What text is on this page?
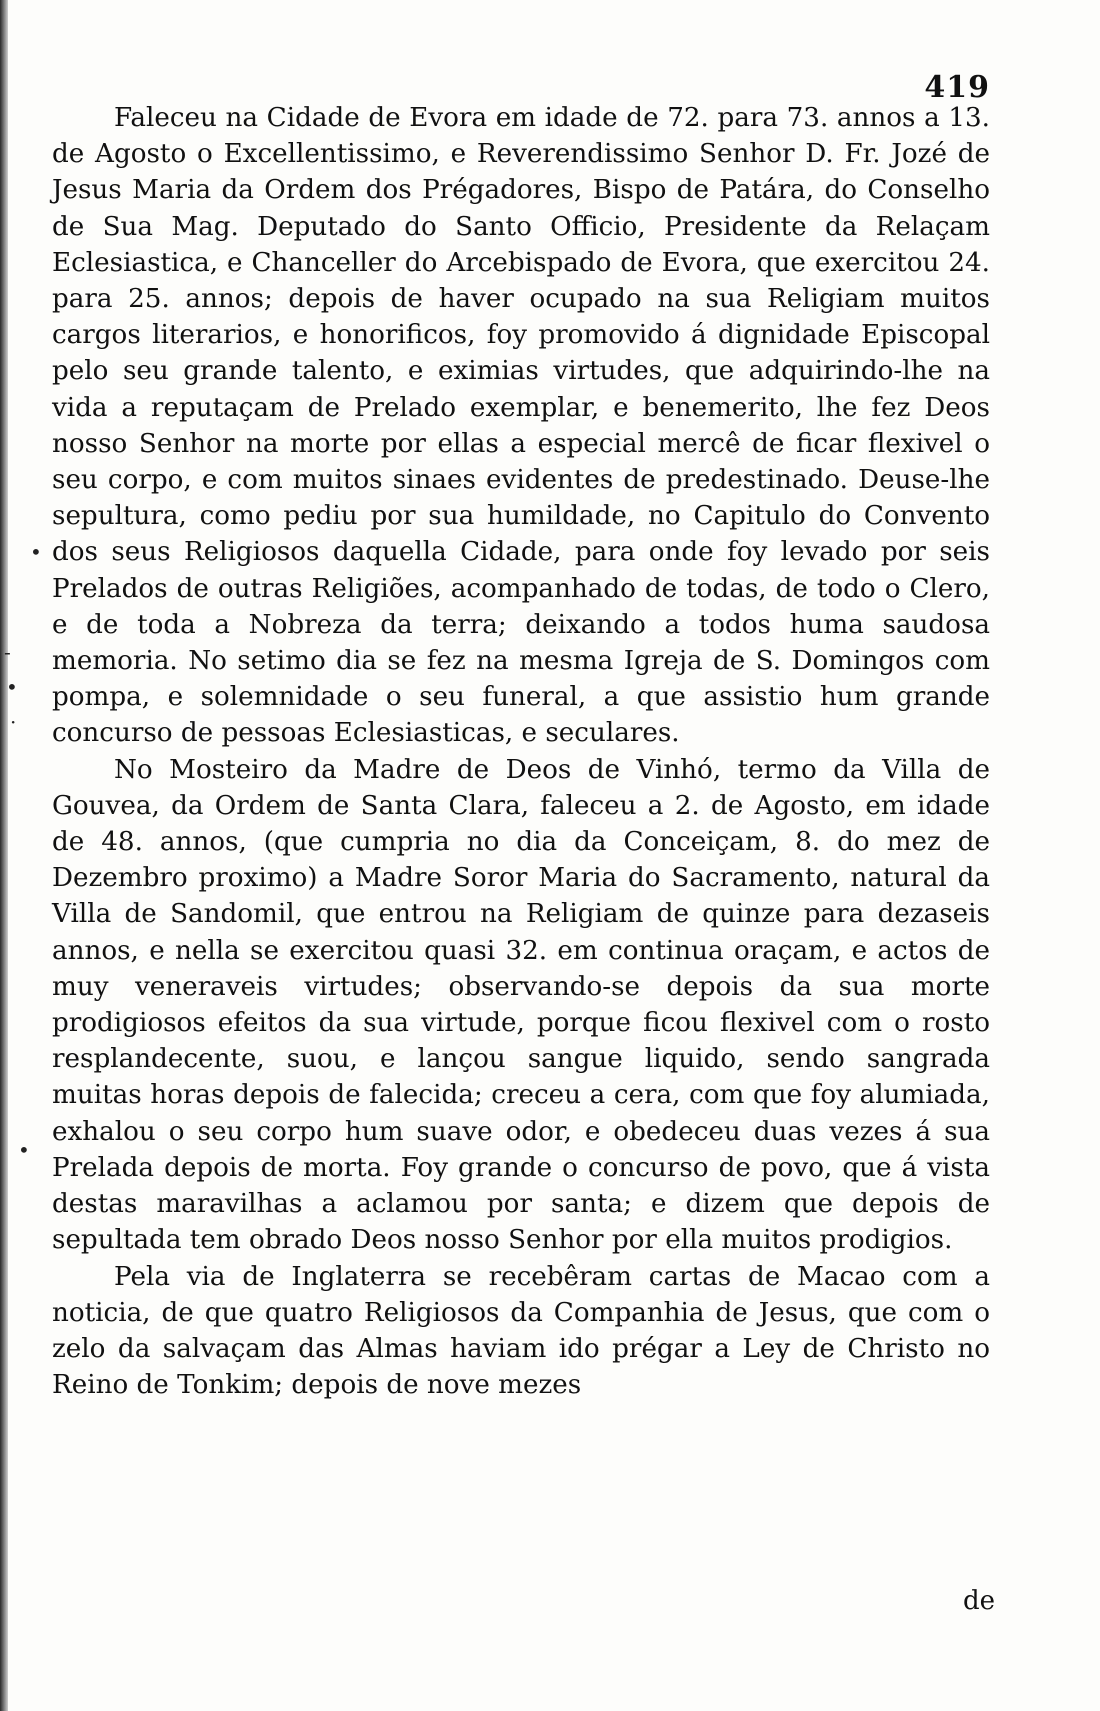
419
•
-
•
·
•

Faleceu na Cidade de Evora em idade de 72. para 73. annos a 13. de Agosto o Excellentissimo, e Reverendissimo Senhor D. Fr. Jozé de Jesus Maria da Ordem dos Prégadores, Bispo de Patára, do Conselho de Sua Mag. Deputado do Santo Officio, Presidente da Relaçam Eclesiastica, e Chanceller do Arcebispado de Evora, que exercitou 24. para 25. annos; depois de haver ocupado na sua Religiam muitos cargos literarios, e honorificos, foy promovido á dignidade Episcopal pelo seu grande talento, e eximias virtudes, que adquirindo-lhe na vida a reputaçam de Prelado exemplar, e benemerito, lhe fez Deos nosso Senhor na morte por ellas a especial mercê de ficar flexivel o seu corpo, e com muitos sinaes evidentes de predestinado. Deuse-lhe sepultura, como pediu por sua humildade, no Capitulo do Convento dos seus Religiosos daquella Cidade, para onde foy levado por seis Prelados de outras Religiões, acompanhado de todas, de todo o Clero, e de toda a Nobreza da terra; deixando a todos huma saudosa memoria. No setimo dia se fez na mesma Igreja de S. Domingos com pompa, e solemnidade o seu funeral, a que assistio hum grande concurso de pessoas Eclesiasticas, e seculares.

No Mosteiro da Madre de Deos de Vinhó, termo da Villa de Gouvea, da Ordem de Santa Clara, faleceu a 2. de Agosto, em idade de 48. annos, (que cumpria no dia da Conceiçam, 8. do mez de Dezembro proximo) a Madre Soror Maria do Sacramento, natural da Villa de Sandomil, que entrou na Religiam de quinze para dezaseis annos, e nella se exercitou quasi 32. em continua oraçam, e actos de muy veneraveis virtudes; observando-se depois da sua morte prodigiosos efeitos da sua virtude, porque ficou flexivel com o rosto resplandecente, suou, e lançou sangue liquido, sendo sangrada muitas horas depois de falecida; creceu a cera, com que foy alumiada, exhalou o seu corpo hum suave odor, e obedeceu duas vezes á sua Prelada depois de morta. Foy grande o concurso de povo, que á vista destas maravilhas a aclamou por santa; e dizem que depois de sepultada tem obrado Deos nosso Senhor por ella muitos prodigios.

Pela via de Inglaterra se recebêram cartas de Macao com a noticia, de que quatro Religiosos da Companhia de Jesus, que com o zelo da salvaçam das Almas haviam ido prégar a Ley de Christo no Reino de Tonkim; depois de nove mezes

de
